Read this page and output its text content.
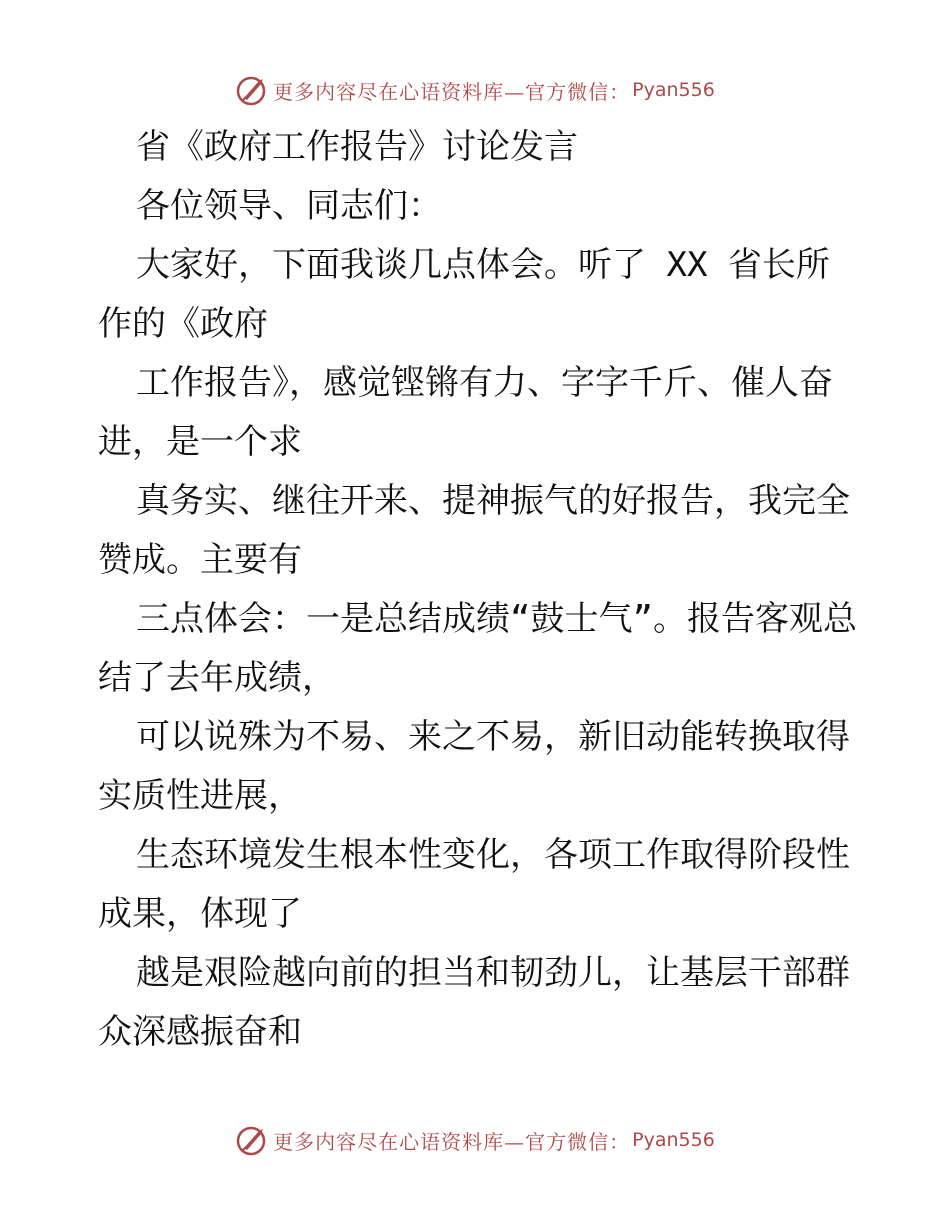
更多内容尽在心语资料库—官方微信： Pyan556

省《政府工作报告》讨论发言

各位领导、同志们：

大家好，下面我谈几点体会。听了 XX 省长所作的《政府

工作报告》，感觉铿锵有力、字字千斤、催人奋进，是一个求

真务实、继往开来、提神振气的好报告，我完全赞成。主要有

三点体会：一是总结成绩“鼓士气”。报告客观总结了去年成绩，

可以说殊为不易、来之不易，新旧动能转换取得实质性进展，

生态环境发生根本性变化，各项工作取得阶段性成果，体现了

越是艰险越向前的担当和韧劲儿，让基层干部群众深感振奋和

更多内容尽在心语资料库—官方微信： Pyan556
